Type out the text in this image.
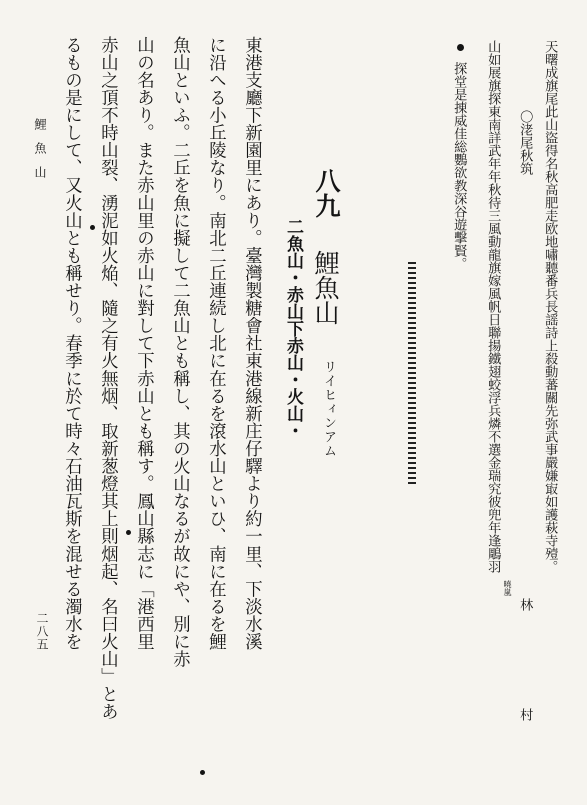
天曙成旗尾此山盜得名秋高肥走欧地嘯聽番兵長謡詩上殺動蕃關先弥武事嚴嫌㝡如護萩寺殪。
〇㳣尾秋筑
曉嵐
林
村
山如展旗探東南詳武年年秋待三風動龍旗嫁風帆日聯揚鐵翅蛟浮兵燐不選金瑞究彼兜年逢鵰羽
探堂是㨂威佳総鸚欲教深谷遊擊賢。
八九
鯉魚山
リイヒィンアム
二魚山・赤山下赤山・火山・
東港支廳下新園里にあり。臺灣製糖會社東港線新庄仔驛より約一里、下淡水溪
に沿へる小丘陵なり。南北二丘連続し北に在るを滾水山といひ、南に在るを鯉
魚山といふ。二丘を魚に擬して二魚山とも稱し、其の火山なるが故にや、別に赤
山の名あり。また赤山里の赤山に對して下赤山とも稱す。鳳山縣志に「港西里
赤山之頂不時山裂、湧泥如火焔、隨之有火無烟、取新葱燈其上則烟起、名曰火山」とあ
るもの是にして、又火山とも稱せり。春季に於て時々石油瓦斯を混せる濁水を
鯉魚山
二八五
